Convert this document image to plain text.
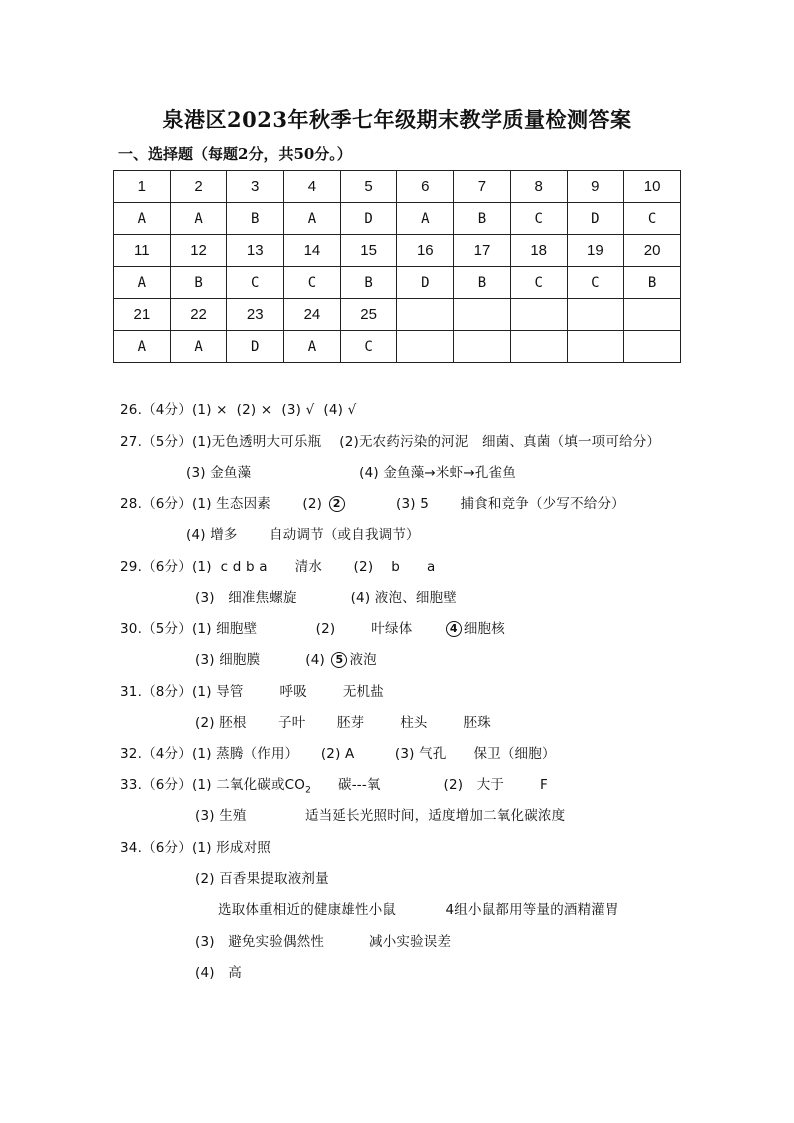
泉港区2023年秋季七年级期末教学质量检测答案
一、选择题（每题2分，共50分。）
1	2	3	4	5	6	7	8	9	10
A	A	B	A	D	A	B	C	D	C
11	12	13	14	15	16	17	18	19	20
A	B	C	C	B	D	B	C	C	B
21	22	23	24	25					
A	A	D	A	C					
26.（4分）(1) ×  (2) ×  (3) √  (4) √
27.（5分）(1)无色透明大可乐瓶    (2)无农药污染的河泥   细菌、真菌（填一项可给分）
(3) 金鱼藻                        (4) 金鱼藻→米虾→孔雀鱼
28.（6分）(1) 生态因素       (2) 2           (3) 5       捕食和竞争（少写不给分）
(4) 增多       自动调节（或自我调节）
29.（6分）(1)  c d b a      清水       (2)    b      a
(3)   细准焦螺旋            (4) 液泡、细胞壁
30.（5分）(1) 细胞壁             (2)        叶绿体       4 细胞核
(3) 细胞膜          (4) 5 液泡
31.（8分）(1) 导管        呼吸        无机盐
(2) 胚根       子叶       胚芽        柱头        胚珠
32.（4分）(1) 蒸腾（作用）     (2) A         (3) 气孔      保卫（细胞）
33.（6分）(1) 二氧化碳或$CO_2$      碳---氧              (2)   大于        F
(3) 生殖             适当延长光照时间，适度增加二氧化碳浓度
34.（6分）(1) 形成对照
(2) 百香果提取液剂量
选取体重相近的健康雄性小鼠           4组小鼠都用等量的酒精灌胃
(3)   避免实验偶然性          减小实验误差
(4)   高
